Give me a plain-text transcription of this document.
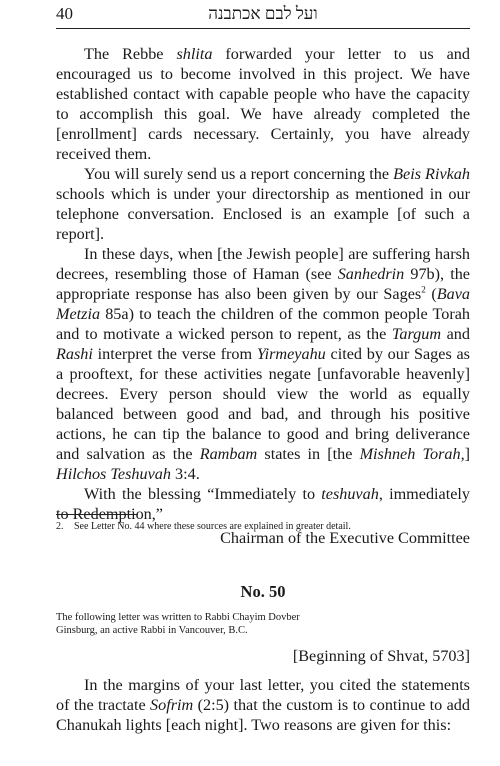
40	ועל לבם אכתבנה

The Rebbe shlita forwarded your letter to us and encouraged us to become involved in this project. We have established contact with capable people who have the capacity to accomplish this goal. We have already completed the [enrollment] cards necessary. Certainly, you have already received them.

You will surely send us a report concerning the Beis Rivkah schools which is under your directorship as mentioned in our telephone conversation. Enclosed is an example [of such a report].

In these days, when [the Jewish people] are suffering harsh decrees, resembling those of Haman (see Sanhedrin 97b), the appropriate response has also been given by our Sages$^2$ (Bava Metzia 85a) to teach the children of the common people Torah and to motivate a wicked person to repent, as the Targum and Rashi interpret the verse from Yirmeyahu cited by our Sages as a prooftext, for these activities negate [unfavorable heavenly] decrees. Every person should view the world as equally balanced between good and bad, and through his positive actions, he can tip the balance to good and bring deliverance and salvation as the Rambam states in [the Mishneh Torah,] Hilchos Teshuvah 3:4.

With the blessing “Immediately to teshuvah, immediately to Redemption,”

Chairman of the Executive Committee
2. See Letter No. 44 where these sources are explained in greater detail.
No. 50
The following letter was written to Rabbi Chayim Dovber Ginsburg, an active Rabbi in Vancouver, B.C.
[Beginning of Shvat, 5703]

In the margins of your last letter, you cited the statements of the tractate Sofrim (2:5) that the custom is to continue to add Chanukah lights [each night]. Two reasons are given for this:
